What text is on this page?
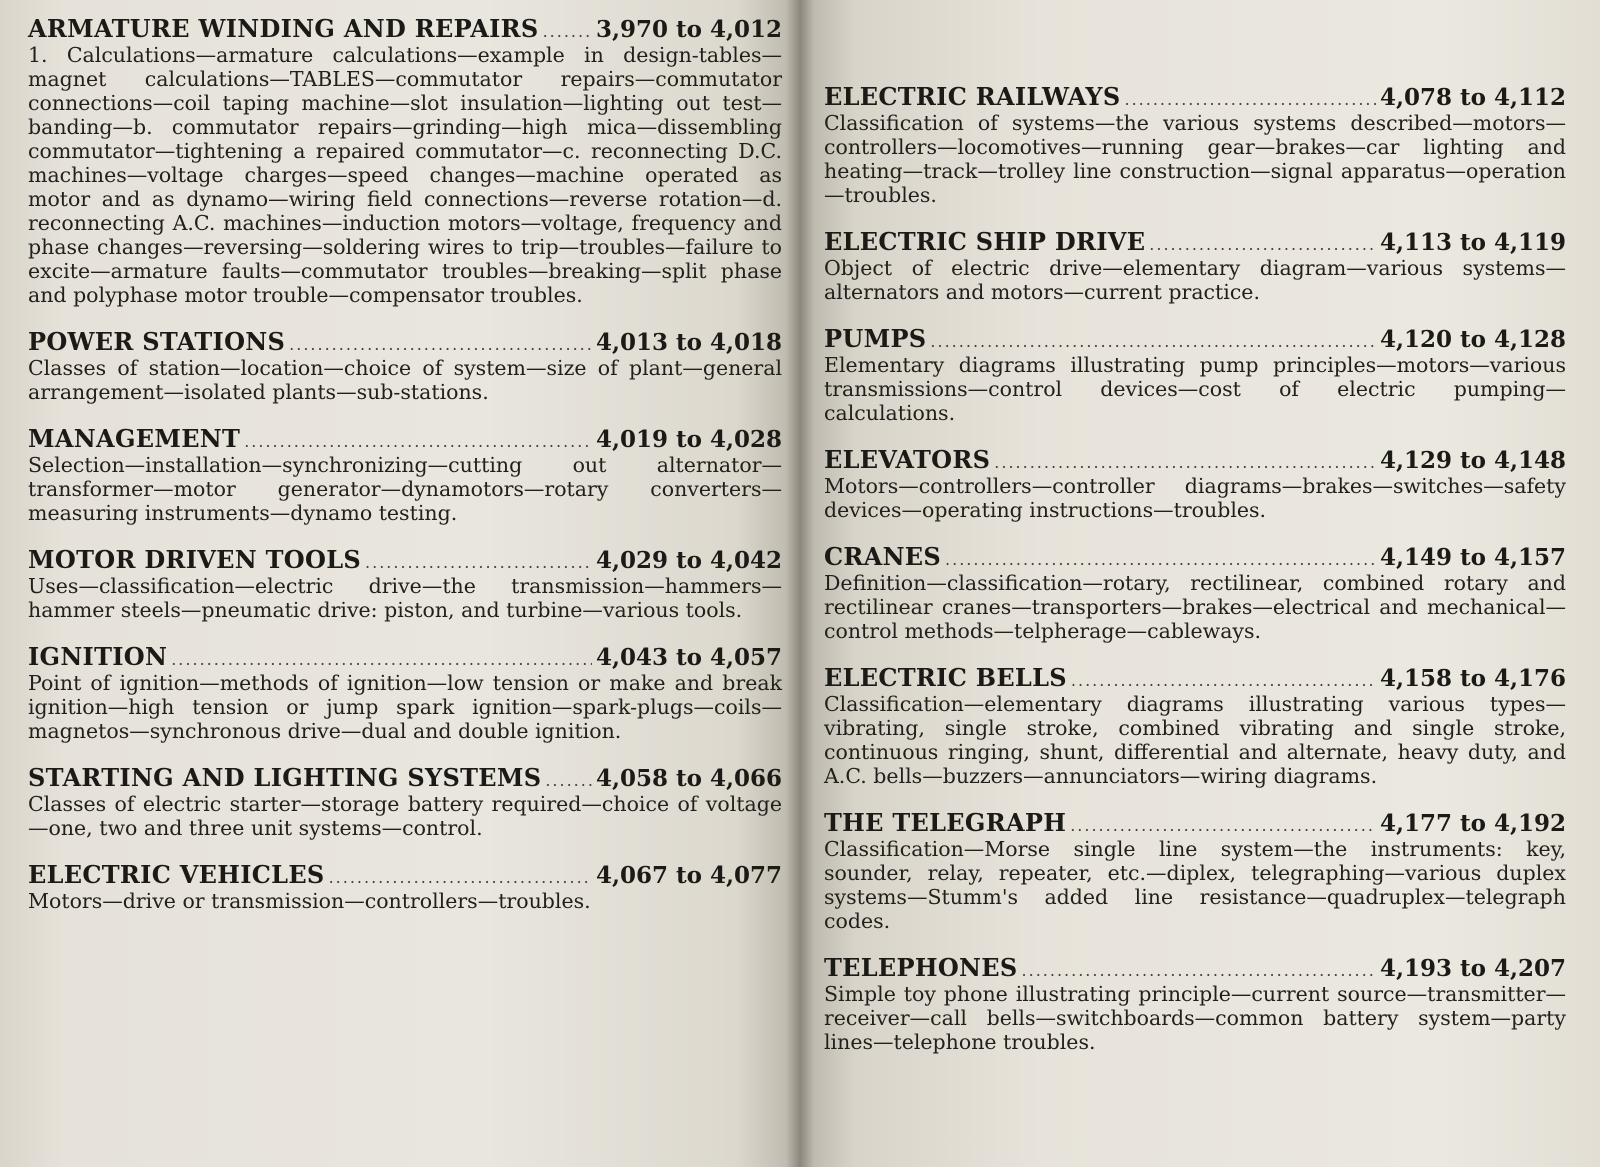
ARMATURE WINDING AND REPAIRS ..... 3,970 to 4,012
1. Calculations—armature calculations—example in design-tables—magnet calculations—TABLES—commutator repairs—commutator connections—coil taping machine—slot insulation—lighting out test—banding—b. commutator repairs—grinding—high mica—dissembling commutator—tightening a repaired commutator—c. reconnecting D.C. machines—voltage charges—speed changes—machine operated as motor and as dynamo—wiring field connections—reverse rotation—d. reconnecting A.C. machines—induction motors—voltage, frequency and phase changes—reversing—soldering wires to trip—troubles—failure to excite—armature faults—commutator troubles—breaking—split phase and polyphase motor trouble—compensator troubles.
POWER STATIONS .....	4,013 to 4,018
Classes of station—location—choice of system—size of plant—general arrangement—isolated plants—sub-stations.
MANAGEMENT .....	4,019 to 4,028
Selection—installation—synchronizing—cutting out alternator—transformer—motor generator—dynamotors—rotary converters—measuring instruments—dynamo testing.
MOTOR DRIVEN TOOLS .....	4,029 to 4,042
Uses—classification—electric drive—the transmission—hammers—hammer steels—pneumatic drive: piston, and turbine—various tools.
IGNITION .....	4,043 to 4,057
Point of ignition—methods of ignition—low tension or make and break ignition—high tension or jump spark ignition—spark-plugs—coils—magnetos—synchronous drive—dual and double ignition.
STARTING AND LIGHTING SYSTEMS ..... 4,058 to 4,066
Classes of electric starter—storage battery required—choice of voltage—one, two and three unit systems—control.
ELECTRIC VEHICLES .....	4,067 to 4,077
Motors—drive or transmission—controllers—troubles.
ELECTRIC RAILWAYS .....	4,078 to 4,112
Classification of systems—the various systems described—motors—controllers—locomotives—running gear—brakes—car lighting and heating—track—trolley line construction—signal apparatus—operation—troubles.
ELECTRIC SHIP DRIVE .....	4,113 to 4,119
Object of electric drive—elementary diagram—various systems—alternators and motors—current practice.
PUMPS .....	4,120 to 4,128
Elementary diagrams illustrating pump principles—motors—various transmissions—control devices—cost of electric pumping—calculations.
ELEVATORS .....	4,129 to 4,148
Motors—controllers—controller diagrams—brakes—switches—safety devices—operating instructions—troubles.
CRANES .....	4,149 to 4,157
Definition—classification—rotary, rectilinear, combined rotary and rectilinear cranes—transporters—brakes—electrical and mechanical—control methods—telpherage—cableways.
ELECTRIC BELLS .....	4,158 to 4,176
Classification—elementary diagrams illustrating various types—vibrating, single stroke, combined vibrating and single stroke, continuous ringing, shunt, differential and alternate, heavy duty, and A.C. bells—buzzers—annunciators—wiring diagrams.
THE TELEGRAPH .....	4,177 to 4,192
Classification—Morse single line system—the instruments: key, sounder, relay, repeater, etc.—diplex, telegraphing—various duplex systems—Stumm's added line resistance—quadruplex—telegraph codes.
TELEPHONES .....	4,193 to 4,207
Simple toy phone illustrating principle—current source—transmitter—receiver—call bells—switchboards—common battery system—party lines—telephone troubles.
